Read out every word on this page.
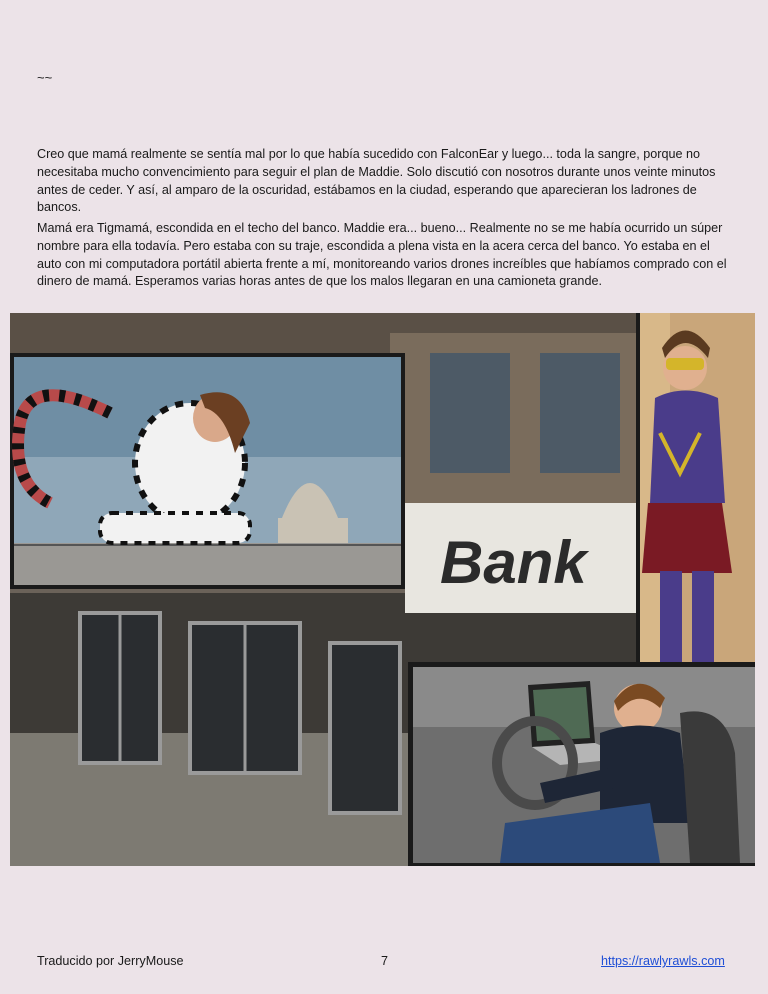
~~

Creo que mamá realmente se sentía mal por lo que había sucedido con FalconEar y luego... toda la sangre, porque no necesitaba mucho convencimiento para seguir el plan de Maddie. Solo discutió con nosotros durante unos veinte minutos antes de ceder. Y así, al amparo de la oscuridad, estábamos en la ciudad, esperando que aparecieran los ladrones de bancos.

Mamá era Tigmamá, escondida en el techo del banco. Maddie era... bueno... Realmente no se me había ocurrido un súper nombre para ella todavía. Pero estaba con su traje, escondida a plena vista en la acera cerca del banco. Yo estaba en el auto con mi computadora portátil abierta frente a mí, monitoreando varios drones increíbles que habíamos comprado con el dinero de mamá. Esperamos varias horas antes de que los malos llegaran en una camioneta grande.

Bank
Traducido por JerryMouse	7	https://rawlyrawls.com
